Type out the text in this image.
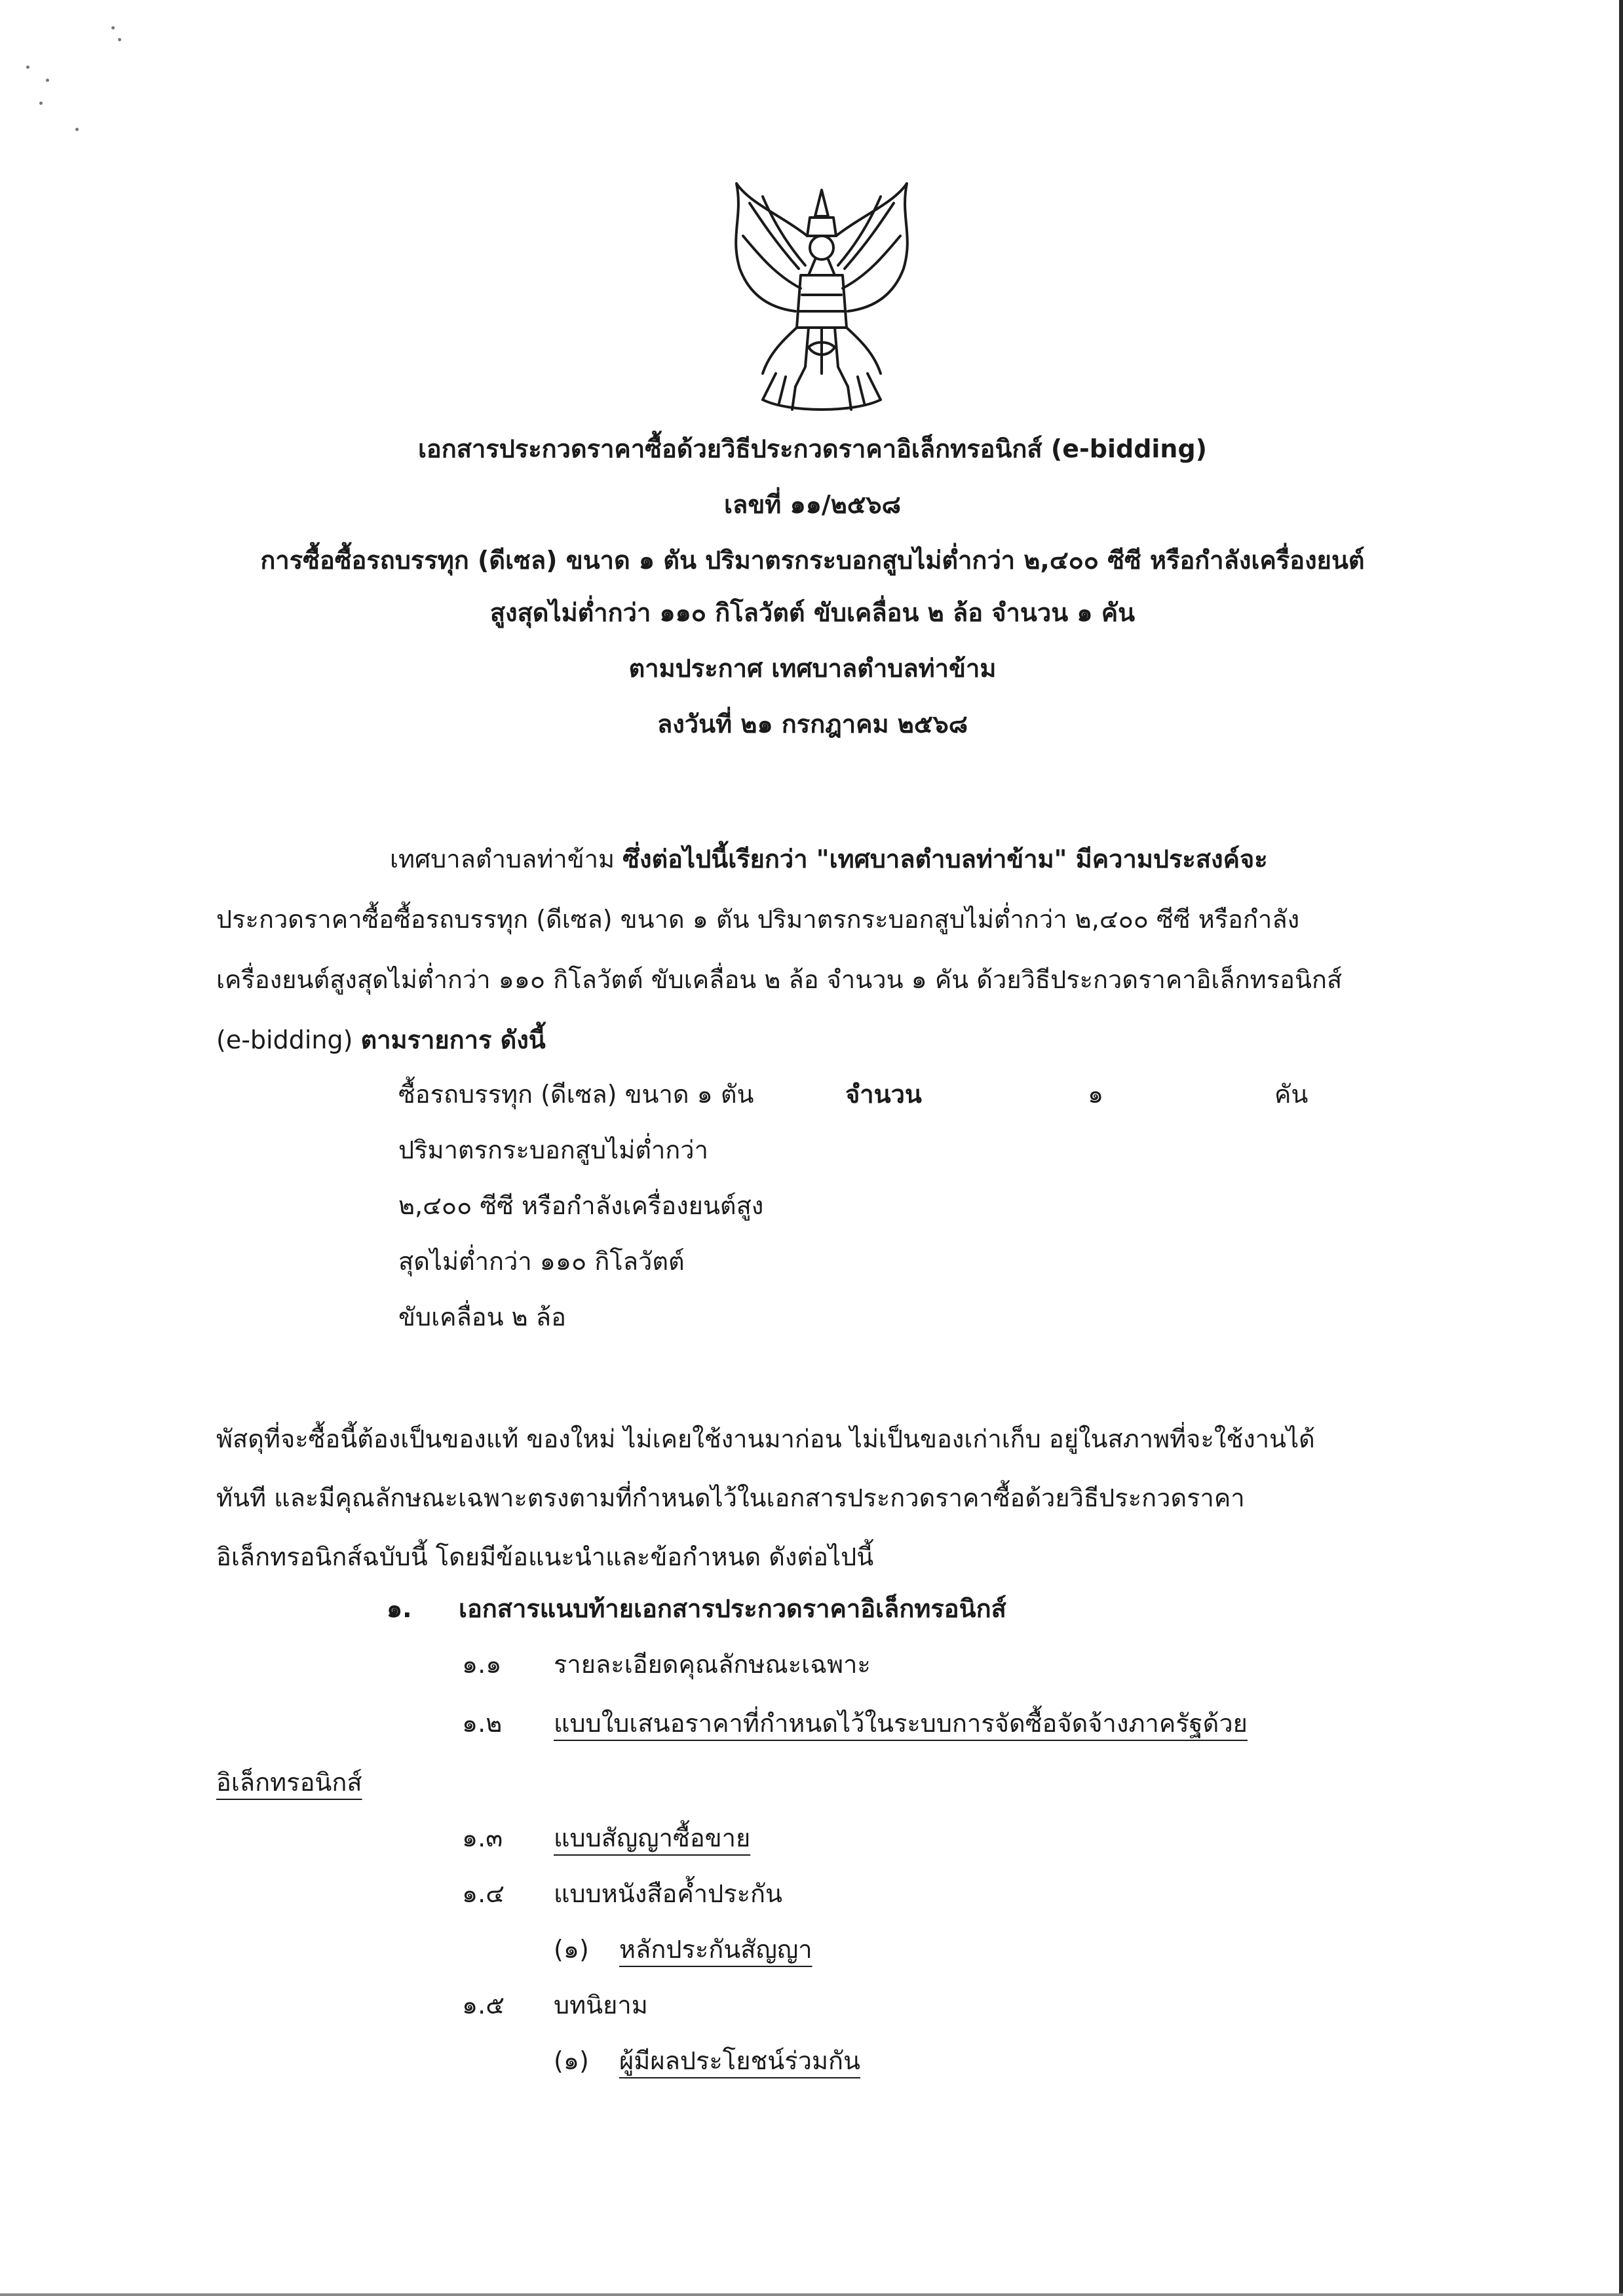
เอกสารประกวดราคาซื้อด้วยวิธีประกวดราคาอิเล็กทรอนิกส์ (e-bidding)
เลขที่ ๑๑/๒๕๖๘
การซื้อซื้อรถบรรทุก (ดีเซล) ขนาด ๑ ตัน ปริมาตรกระบอกสูบไม่ต่ำกว่า ๒,๔๐๐ ซีซี หรือกำลังเครื่องยนต์
สูงสุดไม่ต่ำกว่า ๑๑๐ กิโลวัตต์ ขับเคลื่อน ๒ ล้อ จำนวน ๑ คัน
ตามประกาศ เทศบาลตำบลท่าข้าม
ลงวันที่ ๒๑ กรกฎาคม ๒๕๖๘
เทศบาลตำบลท่าข้าม ซึ่งต่อไปนี้เรียกว่า "เทศบาลตำบลท่าข้าม" มีความประสงค์จะ
ประกวดราคาซื้อซื้อรถบรรทุก (ดีเซล) ขนาด ๑ ตัน ปริมาตรกระบอกสูบไม่ต่ำกว่า ๒,๔๐๐ ซีซี หรือกำลัง
เครื่องยนต์สูงสุดไม่ต่ำกว่า ๑๑๐ กิโลวัตต์ ขับเคลื่อน ๒ ล้อ จำนวน ๑ คัน ด้วยวิธีประกวดราคาอิเล็กทรอนิกส์
(e-bidding) ตามรายการ ดังนี้
ซื้อรถบรรทุก (ดีเซล) ขนาด ๑ ตัน	จำนวน	๑	คัน
ปริมาตรกระบอกสูบไม่ต่ำกว่า
๒,๔๐๐ ซีซี หรือกำลังเครื่องยนต์สูง
สุดไม่ต่ำกว่า ๑๑๐ กิโลวัตต์
ขับเคลื่อน ๒ ล้อ
พัสดุที่จะซื้อนี้ต้องเป็นของแท้ ของใหม่ ไม่เคยใช้งานมาก่อน ไม่เป็นของเก่าเก็บ อยู่ในสภาพที่จะใช้งานได้
ทันที และมีคุณลักษณะเฉพาะตรงตามที่กำหนดไว้ในเอกสารประกวดราคาซื้อด้วยวิธีประกวดราคา
อิเล็กทรอนิกส์ฉบับนี้ โดยมีข้อแนะนำและข้อกำหนด ดังต่อไปนี้
๑. เอกสารแนบท้ายเอกสารประกวดราคาอิเล็กทรอนิกส์
๑.๑ รายละเอียดคุณลักษณะเฉพาะ
๑.๒ แบบใบเสนอราคาที่กำหนดไว้ในระบบการจัดซื้อจัดจ้างภาครัฐด้วย
อิเล็กทรอนิกส์
๑.๓ แบบสัญญาซื้อขาย
๑.๔ แบบหนังสือค้ำประกัน
(๑) หลักประกันสัญญา
๑.๕ บทนิยาม
(๑) ผู้มีผลประโยชน์ร่วมกัน
